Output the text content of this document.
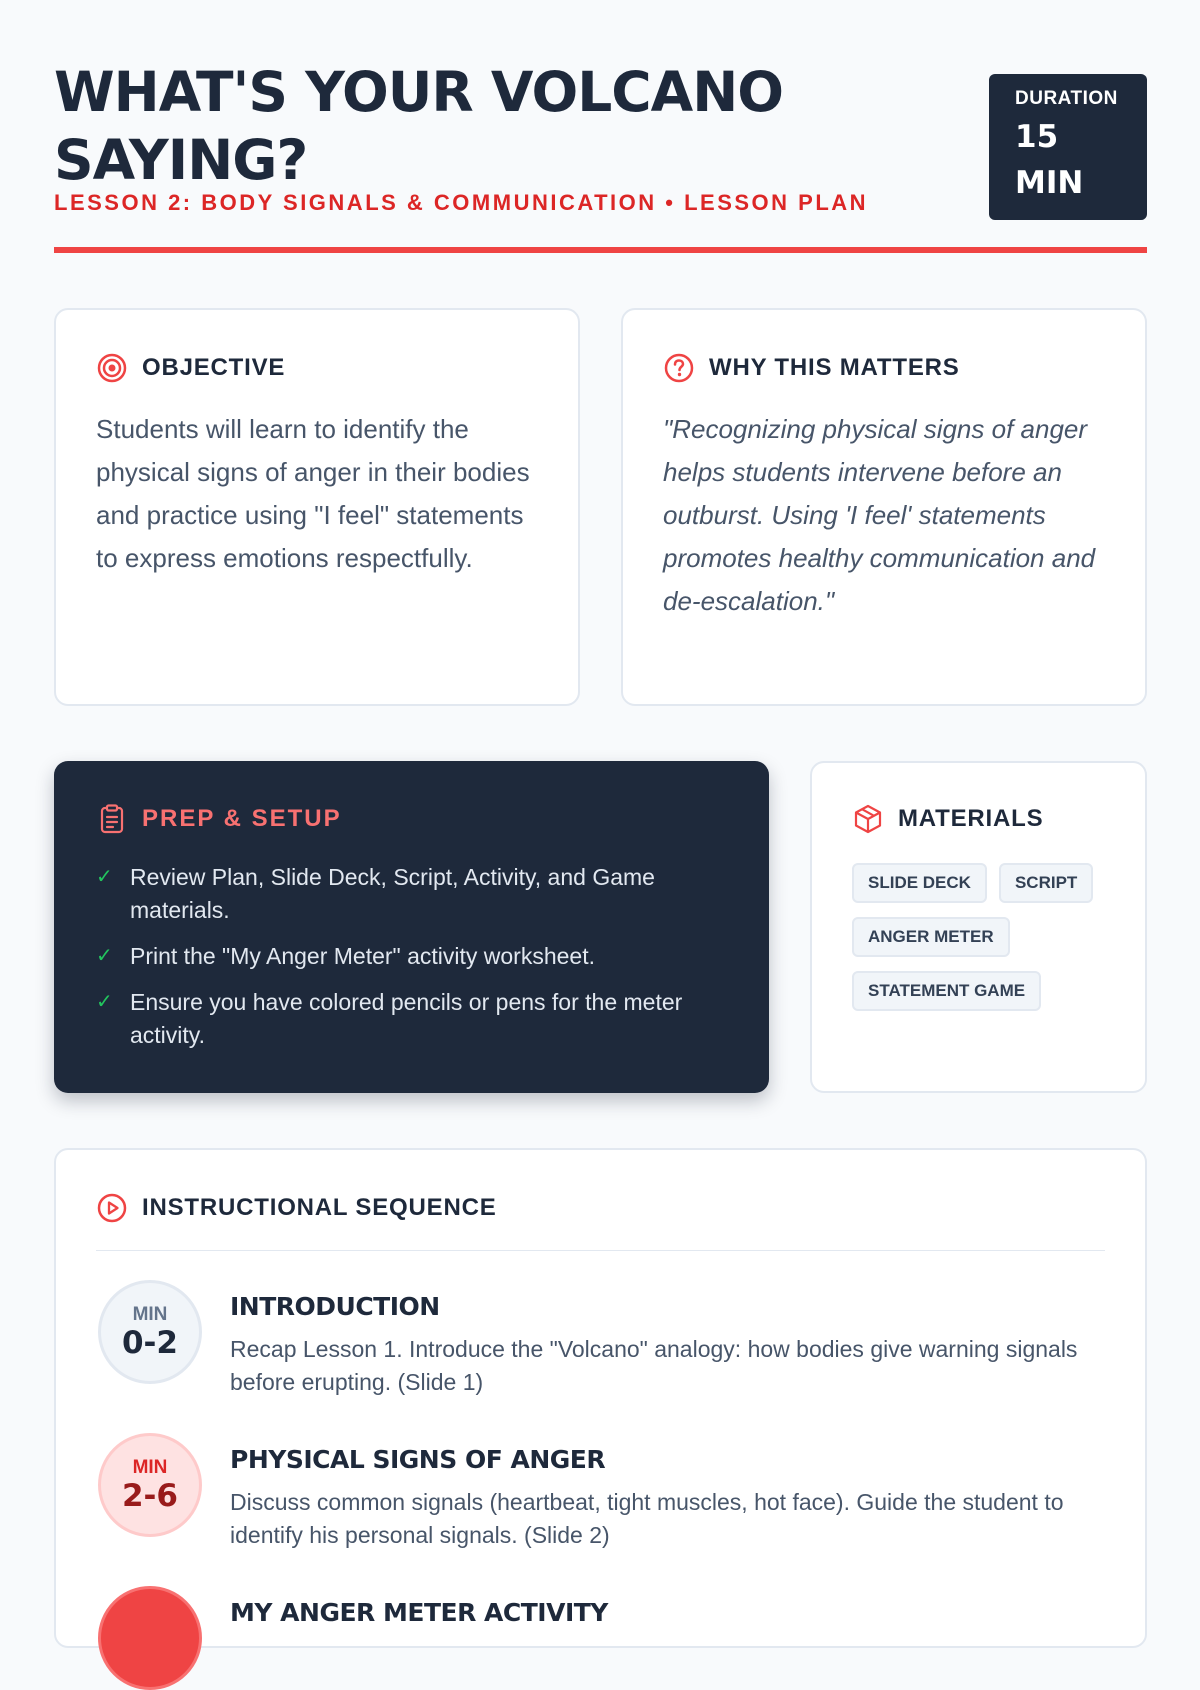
WHAT'S YOUR VOLCANO SAYING?
LESSON 2: BODY SIGNALS & COMMUNICATION • LESSON PLAN
DURATION
15 MIN
OBJECTIVE
Students will learn to identify the physical signs of anger in their bodies and practice using "I feel" statements to express emotions respectfully.
WHY THIS MATTERS
"Recognizing physical signs of anger helps students intervene before an outburst. Using 'I feel' statements promotes healthy communication and de-escalation."
PREP & SETUP
✓ Review Plan, Slide Deck, Script, Activity, and Game materials.
✓ Print the "My Anger Meter" activity worksheet.
✓ Ensure you have colored pencils or pens for the meter activity.
MATERIALS
SLIDE DECK	SCRIPT
ANGER METER
STATEMENT GAME
INSTRUCTIONAL SEQUENCE
MIN
0-2
INTRODUCTION
Recap Lesson 1. Introduce the "Volcano" analogy: how bodies give warning signals before erupting. (Slide 1)
MIN
2-6
PHYSICAL SIGNS OF ANGER
Discuss common signals (heartbeat, tight muscles, hot face). Guide the student to identify his personal signals. (Slide 2)
MY ANGER METER ACTIVITY
